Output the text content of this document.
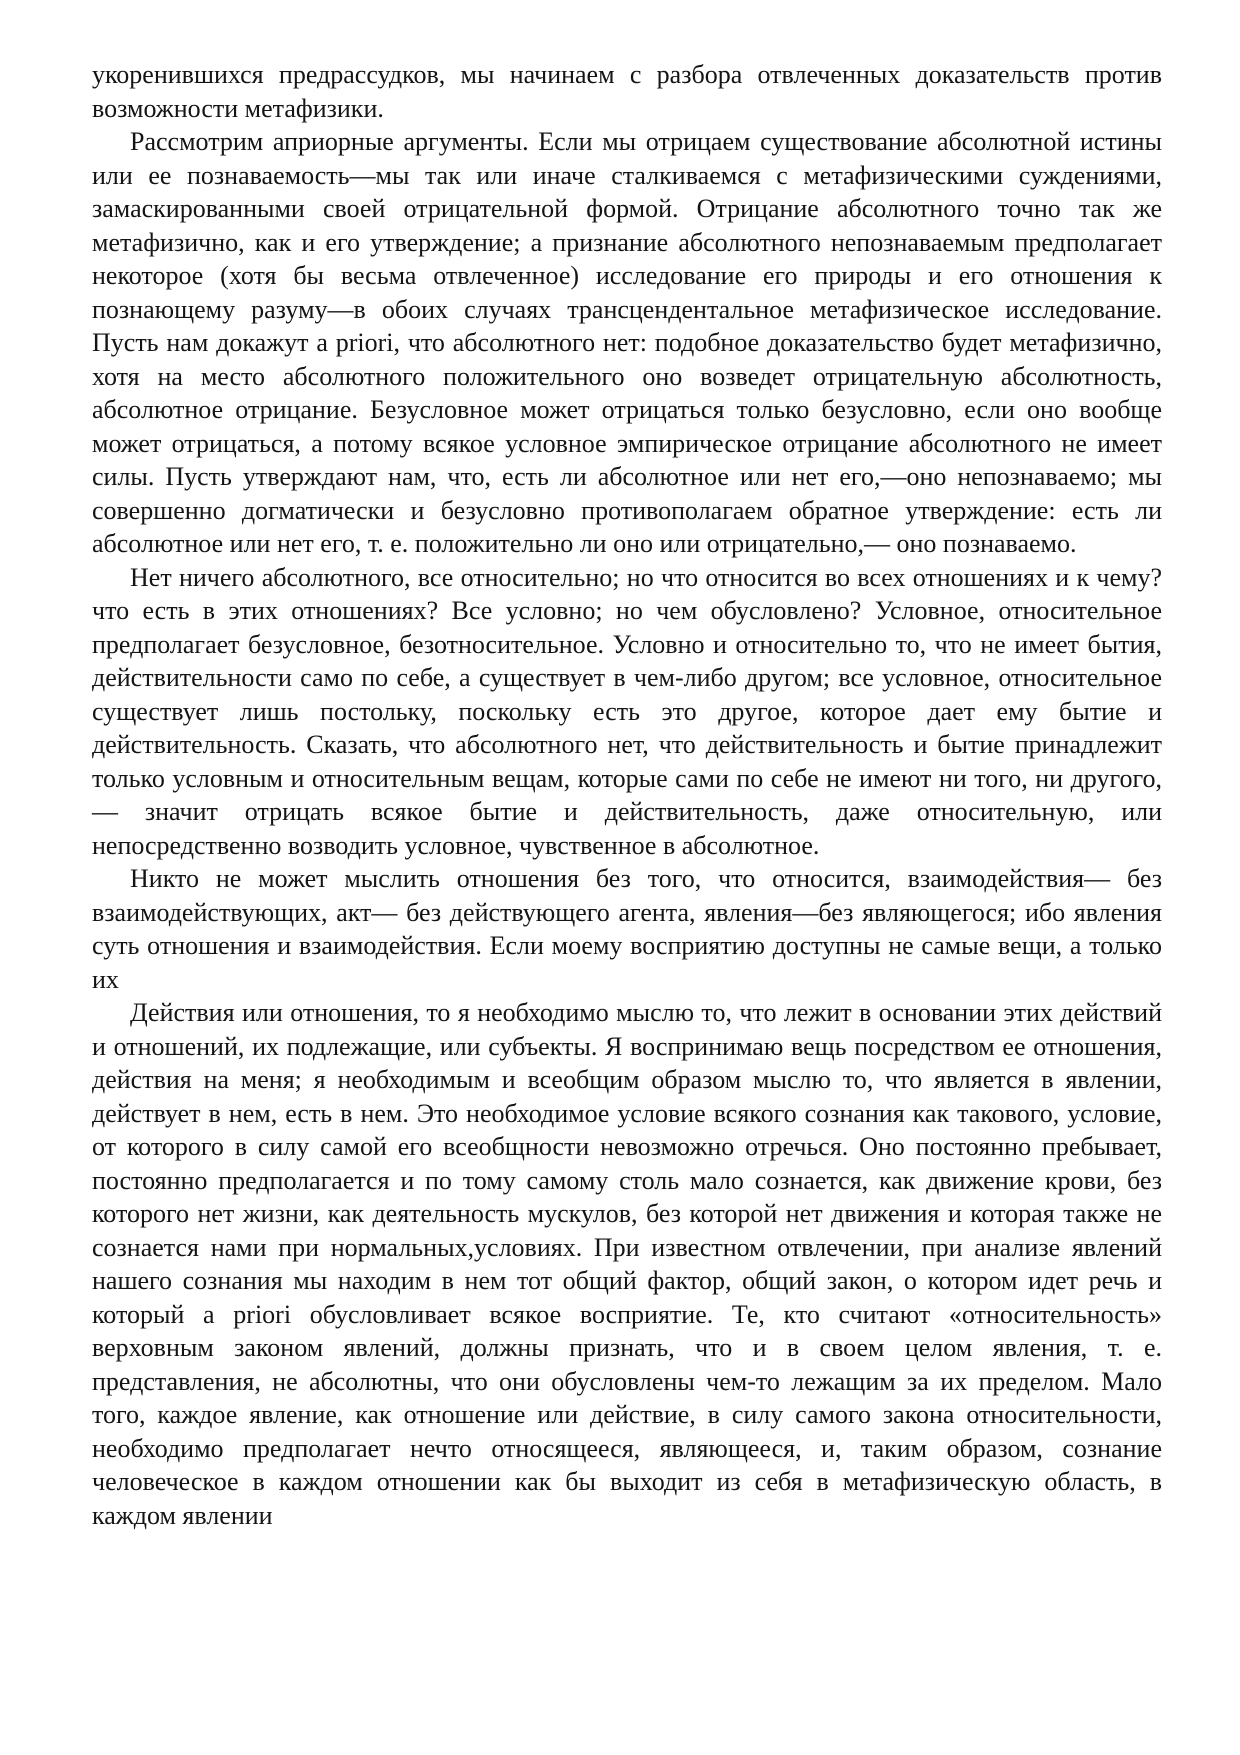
укоренившихся предрассудков, мы начинаем с разбора отвлеченных доказательств против возможности метафизики.

Рассмотрим априорные аргументы. Если мы отрицаем существование абсолютной истины или ее познаваемость—мы так или иначе сталкиваемся с метафизическими суждениями, замаскированными своей отрицательной формой. Отрицание абсолютного точно так же метафизично, как и его утверждение; а признание абсолютного непознаваемым предполагает некоторое (хотя бы весьма отвлеченное) исследование его природы и его отношения к познающему разуму—в обоих случаях трансцендентальное метафизическое исследование. Пусть нам докажут a priori, что абсолютного нет: подобное доказательство будет метафизично, хотя на место абсолютного положительного оно возведет отрицательную абсолютность, абсолютное отрицание. Безусловное может отрицаться только безусловно, если оно вообще может отрицаться, а потому всякое условное эмпирическое отрицание абсолютного не имеет силы. Пусть утверждают нам, что, есть ли абсолютное или нет его,—оно непознаваемо; мы совершенно догматически и безусловно противополагаем обратное утверждение: есть ли абсолютное или нет его, т. е. положительно ли оно или отрицательно,— оно познаваемо.

Нет ничего абсолютного, все относительно; но что относится во всех отношениях и к чему? что есть в этих отношениях? Все условно; но чем обусловлено? Условное, относительное предполагает безусловное, безотносительное. Условно и относительно то, что не имеет бытия, действительности само по себе, а существует в чем-либо другом; все условное, относительное существует лишь постольку, поскольку есть это другое, которое дает ему бытие и действительность. Сказать, что абсолютного нет, что действительность и бытие принадлежит только условным и относительным вещам, которые сами по себе не имеют ни того, ни другого,— значит отрицать всякое бытие и действительность, даже относительную, или непосредственно возводить условное, чувственное в абсолютное.

Никто не может мыслить отношения без того, что относится, взаимодействия— без взаимодействующих, акт— без действующего агента, явления—без являющегося; ибо явления суть отношения и взаимодействия. Если моему восприятию доступны не самые вещи, а только их

Действия или отношения, то я необходимо мыслю то, что лежит в основании этих действий и отношений, их подлежащие, или субъекты. Я воспринимаю вещь посредством ее отношения, действия на меня; я необходимым и всеобщим образом мыслю то, что является в явлении, действует в нем, есть в нем. Это необходимое условие всякого сознания как такового, условие, от которого в силу самой его всеобщности невозможно отречься. Оно постоянно пребывает, постоянно предполагается и по тому самому столь мало сознается, как движение крови, без которого нет жизни, как деятельность мускулов, без которой нет движения и которая также не сознается нами при нормальных,условиях. При известном отвлечении, при анализе явлений нашего сознания мы находим в нем тот общий фактор, общий закон, о котором идет речь и который a priori обусловливает всякое восприятие. Те, кто считают «относительность» верховным законом явлений, должны признать, что и в своем целом явления, т. е. представления, не абсолютны, что они обусловлены чем-то лежащим за их пределом. Мало того, каждое явление, как отношение или действие, в силу самого закона относительности, необходимо предполагает нечто относящееся, являющееся, и, таким образом, сознание человеческое в каждом отношении как бы выходит из себя в метафизическую область, в каждом явлении
